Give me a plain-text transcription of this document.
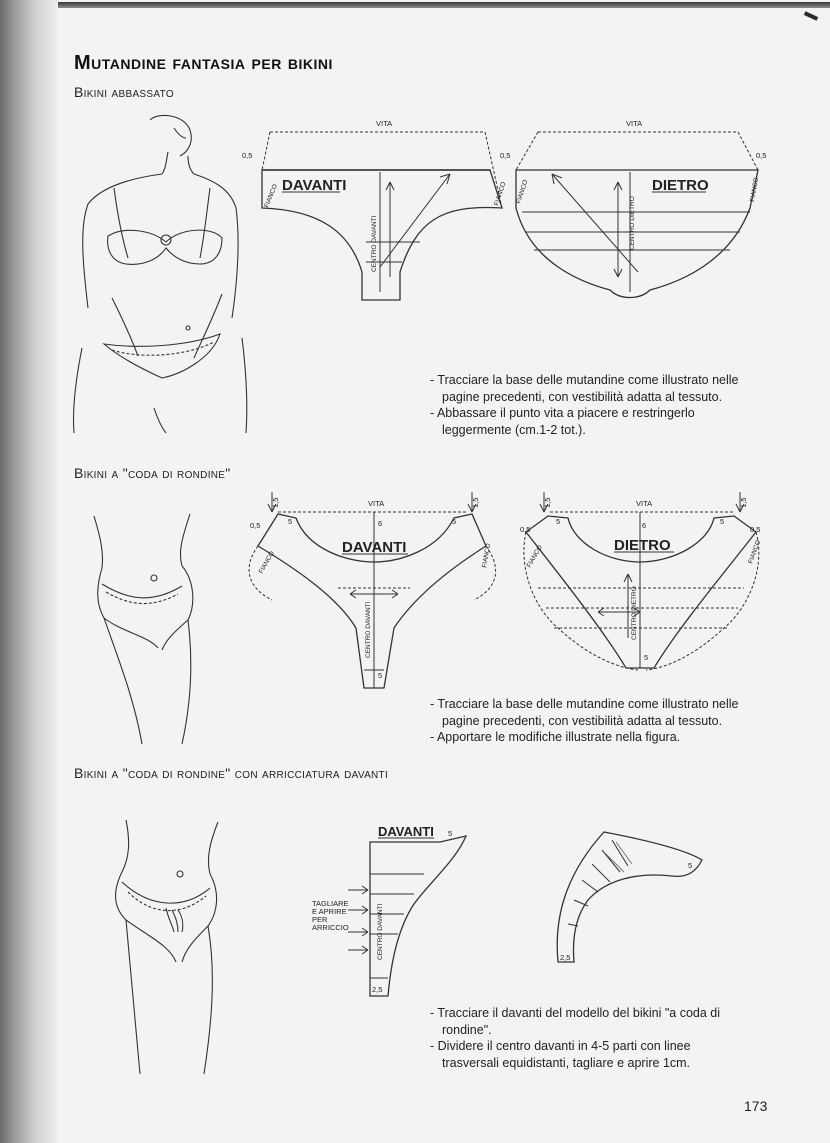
Mutandine fantasia per bikini
Bikini abbassato
DAVANTI
VITA
0,5
CENTRO DAVANTI
FIANCO	FIANCO	DIETRO
VITA
0,5	0,5
CENTRO DIETRO
FIANCO	FIANCO

- Tracciare la base delle mutandine come illustrato nelle pagine precedenti, con vestibilità adatta al tessuto.

- Abbassare il punto vita a piacere e restringerlo leggermente (cm.1-2 tot.).

Bikini a "coda di rondine"
DAVANTI
VITA
0,5
1,5	1,5
5	5
6
5
CENTRO DAVANTI
FIANCO	FIANCO	DIETRO
VITA
0,5	0,5
1,5	1,5
5	5
5
6
CENTRO DIETRO
FIANCO	FIANCO

- Tracciare la base delle mutandine come illustrato nelle pagine precedenti, con vestibilità adatta al tessuto.

- Apportare le modifiche illustrate nella figura.

Bikini a "coda di rondine" con arricciatura davanti
TAGLIARE
E APRIRE
PER
ARRICCIO
DAVANTI 5
2,5
CENTRO DAVANTI
5
2,5

- Tracciare il davanti del modello del bikini "a coda di rondine".

- Dividere il centro davanti in 4-5 parti con linee trasversali equidistanti, tagliare e aprire 1cm.

173
